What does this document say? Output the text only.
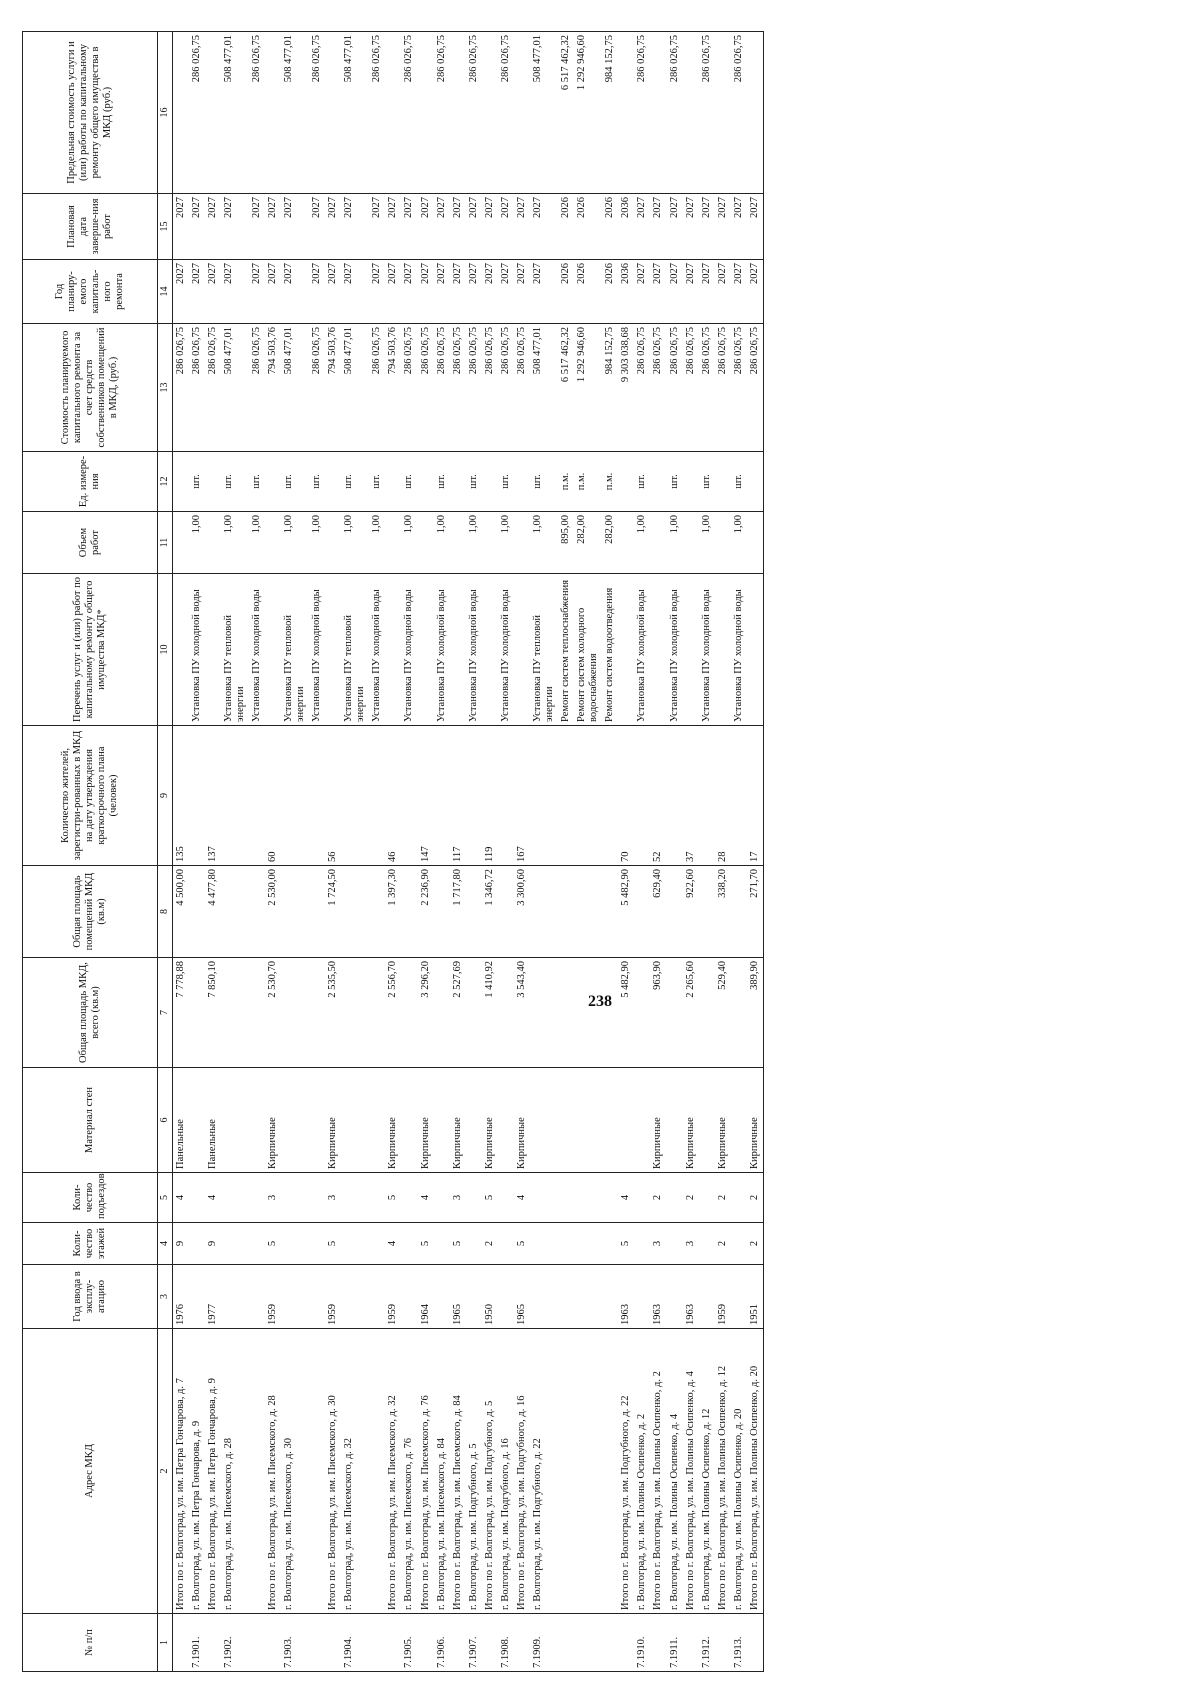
238
№ п/п	Адрес МКД	Год ввода в эксплу-атацию	Коли-чество этажей	Коли-чество подъездов	Материал стен	Общая площадь МКД, всего (кв.м)	Общая площадь помещений МКД (кв.м)	Количество жителей, зарегистри-рованных в МКД на дату утверждения краткосрочного плана (человек)	Перечень услуг и (или) работ по капитальному ремонту общего имущества МКД*	Объем работ	Ед. измере-ния	Стоимость планируемого капитального ремонта за счет средств собственников помещений в МКД, (руб.)	Год планиру-емого капиталь-ного ремонта	Плановая дата заверше-ния работ	Предельная стоимость услуги и (или) работы по капитальному ремонту общего имущества в МКД (руб.)
1	2	3	4	5	6	7	8	9	10	11	12	13	14	15	16
	Итого по г. Волгоград, ул. им. Петра Гончарова, д. 7	1976	9	4	Панельные	7 778,88	4 500,00	135				286 026,75	2027	2027	
7.1901.	г. Волгоград, ул. им. Петра Гончарова, д. 9								Установка ПУ холодной воды	1,00	шт.	286 026,75	2027	2027	286 026,75
	Итого по г. Волгоград, ул. им. Петра Гончарова, д. 9	1977	9	4	Панельные	7 850,10	4 477,80	137				286 026,75	2027	2027	
7.1902.	г. Волгоград, ул. им. Писемского, д. 28								Установка ПУ тепловой энергии	1,00	шт.	508 477,01	2027	2027	508 477,01
									Установка ПУ холодной воды	1,00	шт.	286 026,75	2027	2027	286 026,75
	Итого по г. Волгоград, ул. им. Писемского, д. 28	1959	5	3	Кирпичные	2 530,70	2 530,00	60				794 503,76	2027	2027	
7.1903.	г. Волгоград, ул. им. Писемского, д. 30								Установка ПУ тепловой энергии	1,00	шт.	508 477,01	2027	2027	508 477,01
									Установка ПУ холодной воды	1,00	шт.	286 026,75	2027	2027	286 026,75
	Итого по г. Волгоград, ул. им. Писемского, д. 30	1959	5	3	Кирпичные	2 535,50	1 724,50	56				794 503,76	2027	2027	
7.1904.	г. Волгоград, ул. им. Писемского, д. 32								Установка ПУ тепловой энергии	1,00	шт.	508 477,01	2027	2027	508 477,01
									Установка ПУ холодной воды	1,00	шт.	286 026,75	2027	2027	286 026,75
	Итого по г. Волгоград, ул. им. Писемского, д. 32	1959	4	5	Кирпичные	2 556,70	1 397,30	46				794 503,76	2027	2027	
7.1905.	г. Волгоград, ул. им. Писемского, д. 76								Установка ПУ холодной воды	1,00	шт.	286 026,75	2027	2027	286 026,75
	Итого по г. Волгоград, ул. им. Писемского, д. 76	1964	5	4	Кирпичные	3 296,20	2 236,90	147				286 026,75	2027	2027	
7.1906.	г. Волгоград, ул. им. Писемского, д. 84								Установка ПУ холодной воды	1,00	шт.	286 026,75	2027	2027	286 026,75
	Итого по г. Волгоград, ул. им. Писемского, д. 84	1965	5	3	Кирпичные	2 527,69	1 717,80	117				286 026,75	2027	2027	
7.1907.	г. Волгоград, ул. им. Подгубного, д. 5								Установка ПУ холодной воды	1,00	шт.	286 026,75	2027	2027	286 026,75
	Итого по г. Волгоград, ул. им. Подгубного, д. 5	1950	2	5	Кирпичные	1 410,92	1 346,72	119				286 026,75	2027	2027	
7.1908.	г. Волгоград, ул. им. Подгубного, д. 16								Установка ПУ холодной воды	1,00	шт.	286 026,75	2027	2027	286 026,75
	Итого по г. Волгоград, ул. им. Подгубного, д. 16	1965	5	4	Кирпичные	3 543,40	3 300,60	167				286 026,75	2027	2027	
7.1909.	г. Волгоград, ул. им. Подгубного, д. 22								Установка ПУ тепловой энергии	1,00	шт.	508 477,01	2027	2027	508 477,01
									Ремонт систем теплоснабжения	895,00	п.м.	6 517 462,32	2026	2026	6 517 462,32
									Ремонт систем холодного водоснабжения	282,00	п.м.	1 292 946,60	2026	2026	1 292 946,60
									Ремонт систем водоотведения	282,00	п.м.	984 152,75	2026	2026	984 152,75
	Итого по г. Волгоград, ул. им. Подгубного, д. 22	1963	5	4		5 482,90	5 482,90	70				9 303 038,68	2036	2036	
7.1910.	г. Волгоград, ул. им. Полины Осипенко, д. 2								Установка ПУ холодной воды	1,00	шт.	286 026,75	2027	2027	286 026,75
	Итого по г. Волгоград, ул. им. Полины Осипенко, д. 2	1963	3	2	Кирпичные	963,90	629,40	52				286 026,75	2027	2027	
7.1911.	г. Волгоград, ул. им. Полины Осипенко, д. 4								Установка ПУ холодной воды	1,00	шт.	286 026,75	2027	2027	286 026,75
	Итого по г. Волгоград, ул. им. Полины Осипенко, д. 4	1963	3	2	Кирпичные	2 265,60	922,60	37				286 026,75	2027	2027	
7.1912.	г. Волгоград, ул. им. Полины Осипенко, д. 12								Установка ПУ холодной воды	1,00	шт.	286 026,75	2027	2027	286 026,75
	Итого по г. Волгоград, ул. им. Полины Осипенко, д. 12	1959	2	2	Кирпичные	529,40	338,20	28				286 026,75	2027	2027	
7.1913.	г. Волгоград, ул. им. Полины Осипенко, д. 20								Установка ПУ холодной воды	1,00	шт.	286 026,75	2027	2027	286 026,75
	Итого по г. Волгоград, ул. им. Полины Осипенко, д. 20	1951	2	2	Кирпичные	389,90	271,70	17				286 026,75	2027	2027	
